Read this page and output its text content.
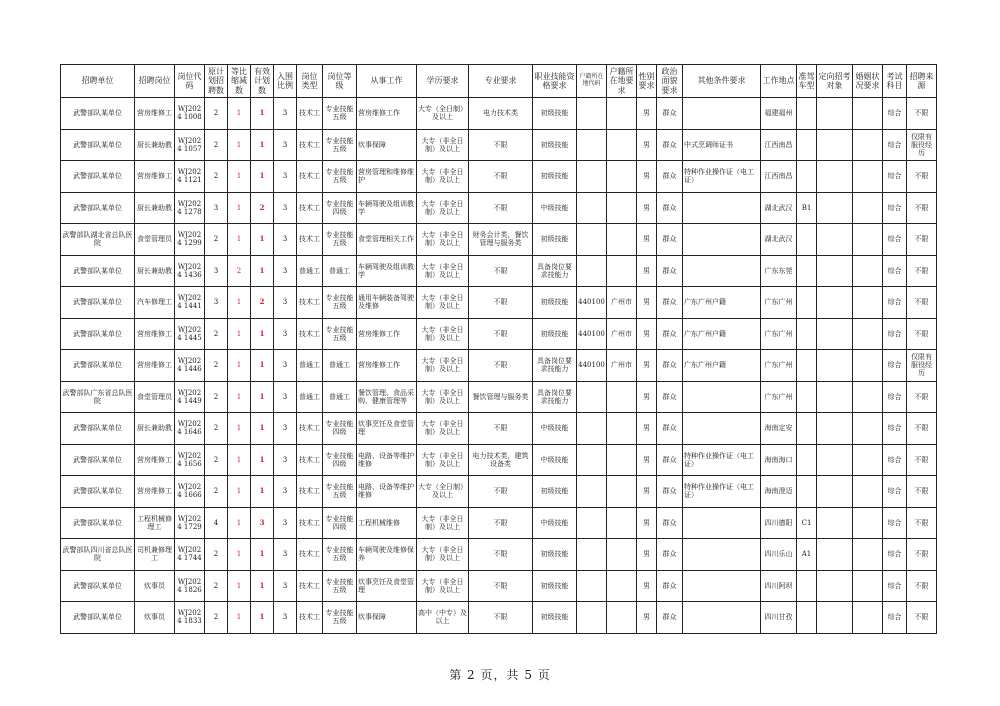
招聘单位	招聘岗位	岗位代码	原计划招聘数	等比缩减数	有效计划数	入围比例	岗位类型	岗位等级	从事工作	学历要求	专业要求	职业技能资格要求	户籍所在地代码	户籍所在地要求	性别要求	政治面貌要求	其他条件要求	工作地点	准驾车型	定向招考对象	婚姻状况要求	考试科目	招聘来源
武警部队某单位	营房维修工	WJ2024 1008	2	1	1	3	技术工	专业技能五级	营房维修工作	大专（全日制）及以上	电力技术类	初级技能			男	群众		福建福州				综合	不限
武警部队某单位	厨长兼助教	WJ2024 1057	2	1	1	3	技术工	专业技能五级	炊事保障	大专（非全日制）及以上	不限	初级技能			男	群众	中式烹调师证书	江西南昌				综合	仅限有服役经历
武警部队某单位	营房维修工	WJ2024 1121	2	1	1	3	技术工	专业技能五级	营房管理和维修维护	大专（非全日制）及以上	不限	初级技能			男	群众	特种作业操作证（电工证）	江西南昌				综合	不限
武警部队某单位	厨长兼助教	WJ2024 1278	3	1	2	3	技术工	专业技能四级	车辆驾驶及组训教学	大专（非全日制）及以上	不限	中级技能			男	群众		湖北武汉	B1			综合	不限
武警部队湖北省总队医院	食堂管理员	WJ2024 1299	2	1	1	3	技术工	专业技能五级	食堂管理相关工作	大专（非全日制）及以上	财务会计类，餐饮管理与服务类	初级技能			男	群众		湖北武汉				综合	不限
武警部队某单位	厨长兼助教	WJ2024 1436	3	2	1	3	普通工	普通工	车辆驾驶及组训教学	大专（非全日制）及以上	不限	具备岗位要求技能力			男	群众		广东东莞				综合	不限
武警部队某单位	汽车修理工	WJ2024 1441	3	1	2	3	技术工	专业技能五级	通用车辆装备驾驶及维修	大专（非全日制）及以上	不限	初级技能	440100	广州市	男	群众	广东广州户籍	广东广州				综合	不限
武警部队某单位	营房维修工	WJ2024 1445	2	1	1	3	技术工	专业技能五级	营房维修工作	大专（非全日制）及以上	不限	初级技能	440100	广州市	男	群众	广东广州户籍	广东广州				综合	不限
武警部队某单位	营房维修工	WJ2024 1446	2	1	1	3	普通工	普通工	营房维修工作	大专（非全日制）及以上	不限	具备岗位要求技能力	440100	广州市	男	群众	广东广州户籍	广东广州				综合	仅限有服役经历
武警部队广东省总队医院	食堂管理员	WJ2024 1449	2	1	1	3	普通工	普通工	餐饮管理、食品采购、健康管理等	大专（非全日制）及以上	餐饮管理与服务类	具备岗位要求技能力			男	群众		广东广州				综合	不限
武警部队某单位	厨长兼助教	WJ2024 1646	2	1	1	3	技术工	专业技能四级	炊事烹饪及食堂管理	大专（非全日制）及以上	不限	中级技能			男	群众		海南定安				综合	不限
武警部队某单位	营房维修工	WJ2024 1656	2	1	1	3	技术工	专业技能四级	电路、设备等维护维修	大专（非全日制）及以上	电力技术类，建筑设备类	中级技能			男	群众	特种作业操作证（电工证）	海南海口				综合	不限
武警部队某单位	营房维修工	WJ2024 1666	2	1	1	3	技术工	专业技能五级	电路、设备等维护维修	大专（全日制）及以上	不限	初级技能			男	群众	特种作业操作证（电工证）	海南澄迈				综合	不限
武警部队某单位	工程机械修理工	WJ2024 1729	4	1	3	3	技术工	专业技能四级	工程机械维修	大专（非全日制）及以上	不限	中级技能			男	群众		四川德阳	C1			综合	不限
武警部队四川省总队医院	司机兼修理工	WJ2024 1744	2	1	1	3	技术工	专业技能五级	车辆驾驶及维修保养	大专（非全日制）及以上	不限	初级技能			男	群众		四川乐山	A1			综合	不限
武警部队某单位	炊事员	WJ2024 1826	2	1	1	3	技术工	专业技能五级	炊事烹饪及食堂管理	大专（非全日制）及以上	不限	初级技能			男	群众		四川阿坝				综合	不限
武警部队某单位	炊事员	WJ2024 1833	2	1	1	3	技术工	专业技能五级	炊事保障	高中（中专）及以上	不限	初级技能			男	群众		四川甘孜				综合	不限
第 2 页，共 5 页
